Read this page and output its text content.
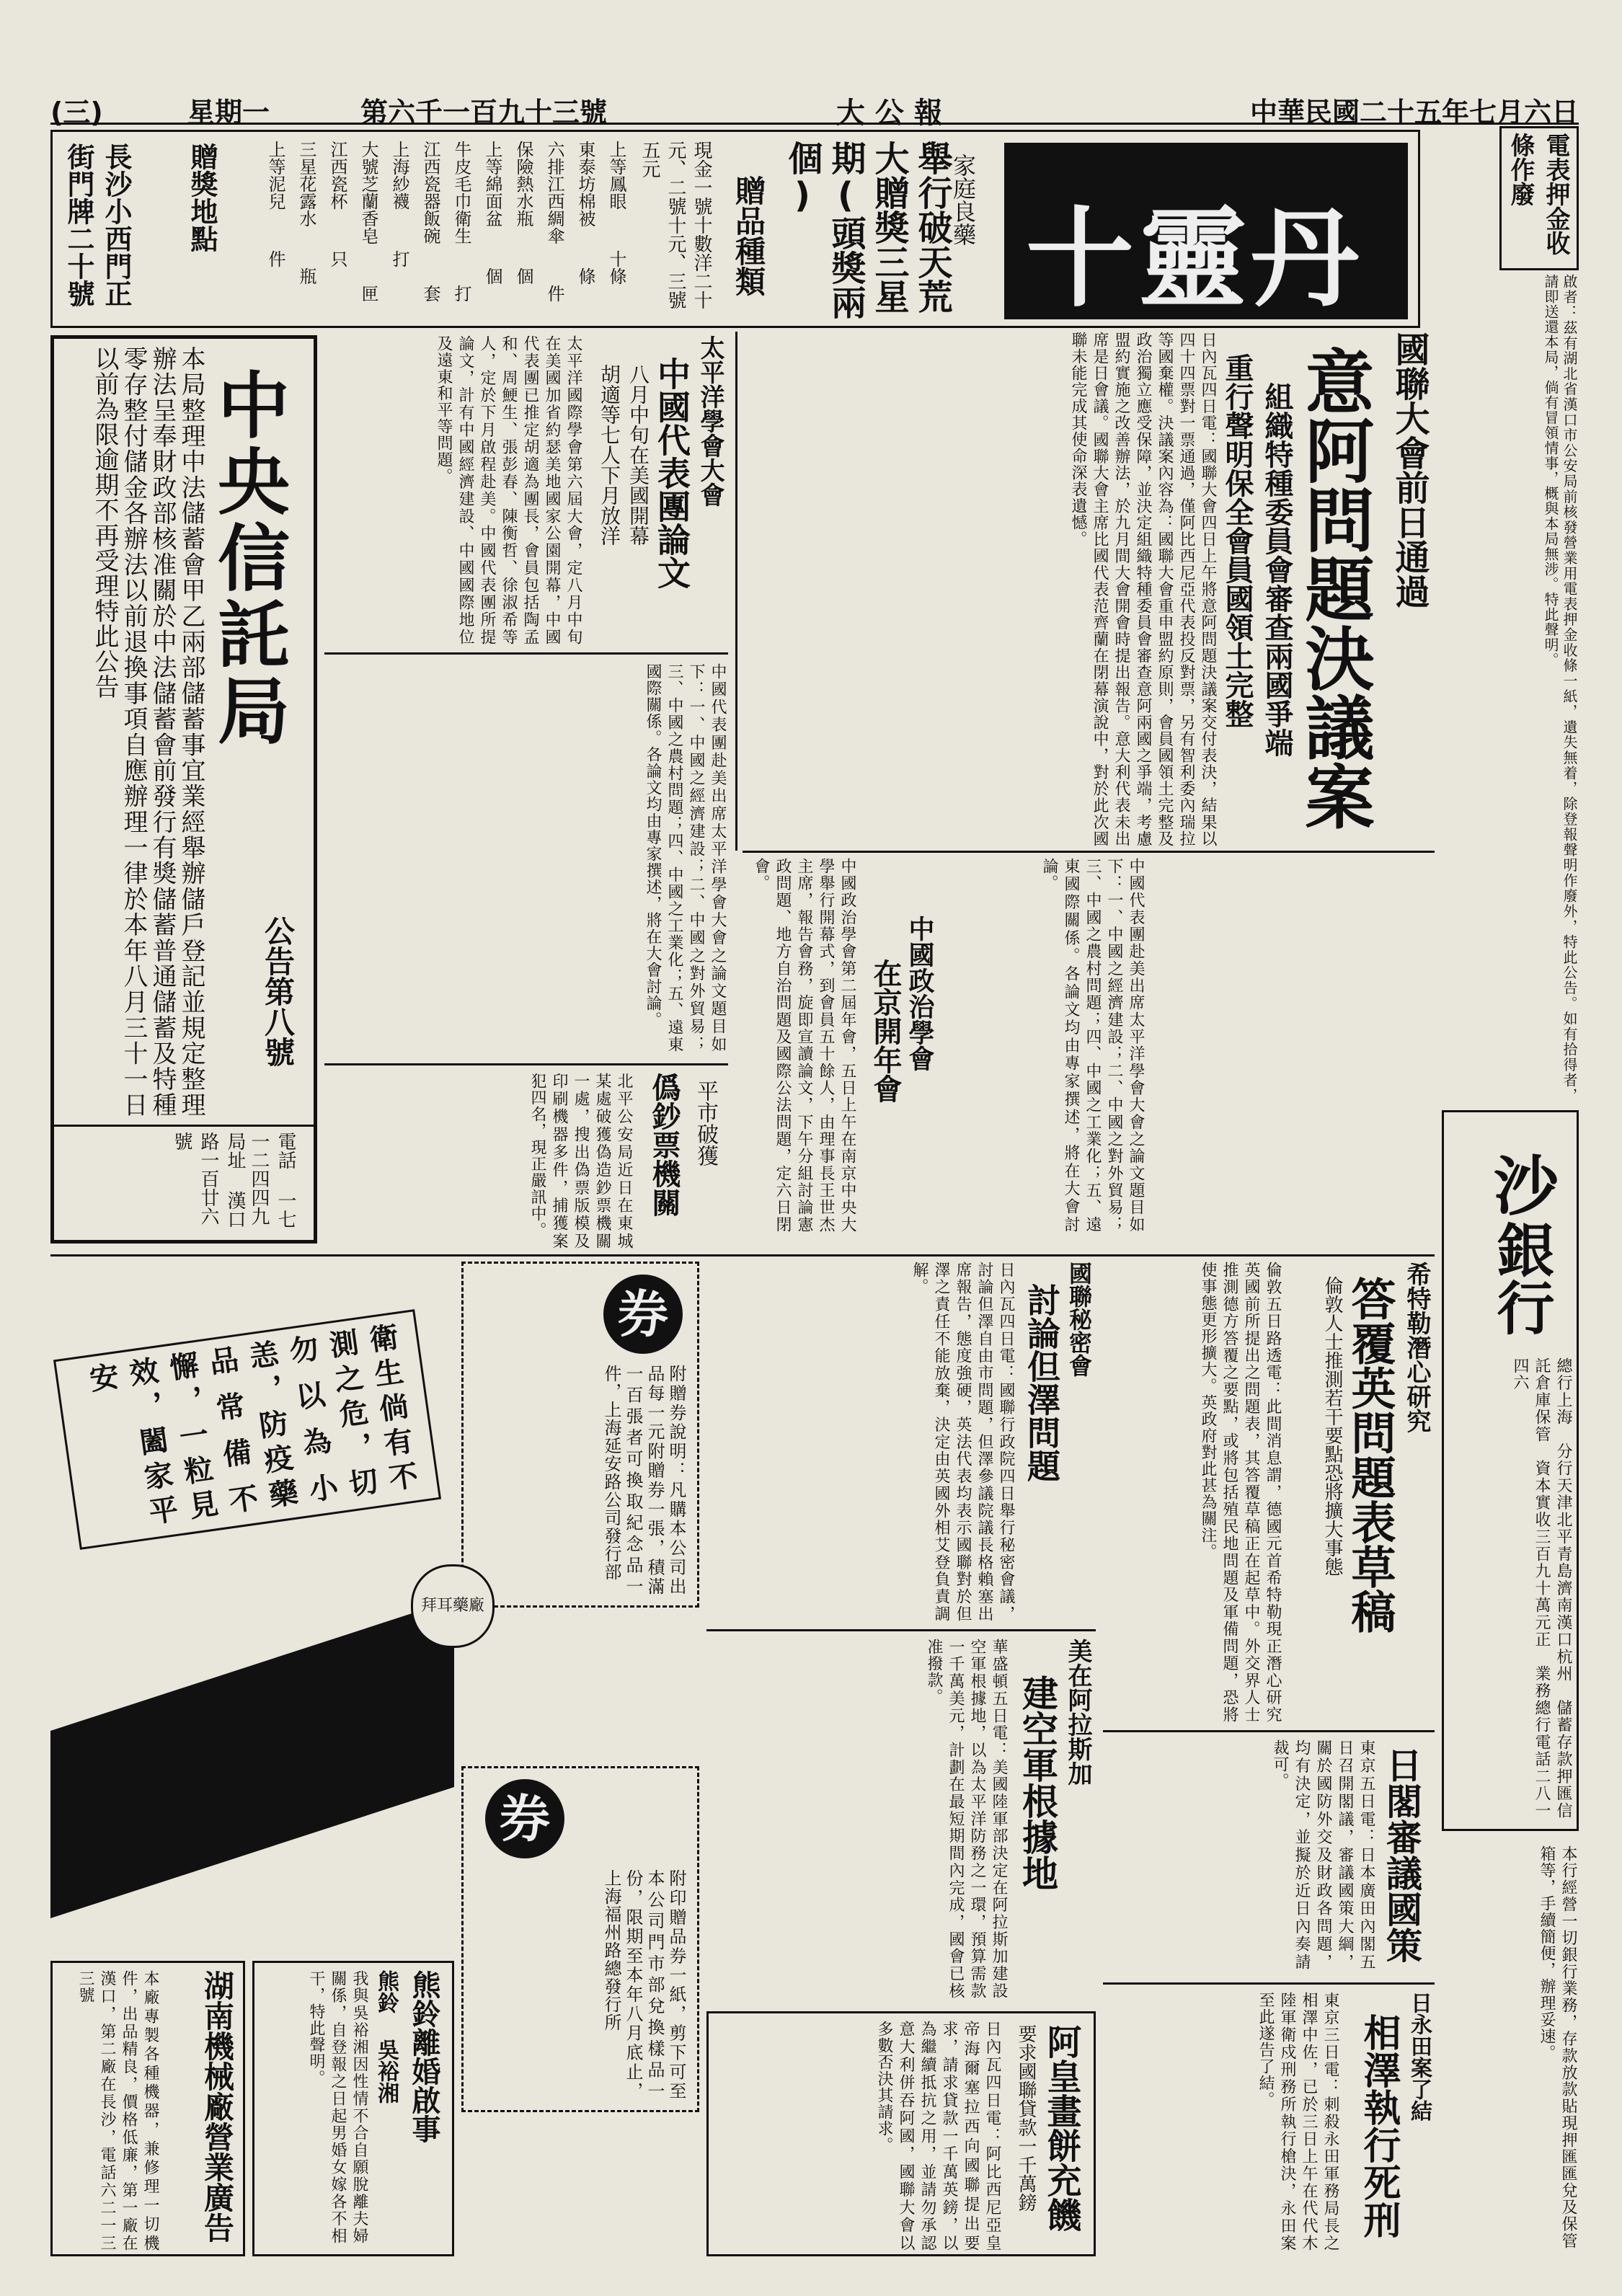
中華民國二十五年七月六日
大 公 報
第六千一百九十三號
星期一
(三)
電表押金收條作廢
啟者：茲有湖北省漢口市公安局前核發營業用電表押金收條一紙，遺失無着，除登報聲明作廢外，特此公告。如有拾得者，請即送還本局，倘有冒領情事，概與本局無涉。特此聲明。
沙
銀行
總行上海　分行天津北平青島濟南漢口杭州　儲蓄存款押匯信託倉庫保管　資本實收三百九十萬元正　業務總行電話二八一四六
本行經營一切銀行業務，存款放款貼現押匯匯兌及保管箱等，手續簡便，辦理妥速。
十靈丹
家庭良藥
舉行破天荒大贈獎三星期(頭獎兩個)
贈品種類
現金一號十數洋二十元、二號十元、三號五元
上等鳳眼  十條
東泰坊棉被  條
六排江西綢傘  件
保險熱水瓶  個
上等綿面盆  個
牛皮毛巾衛生  打
江西瓷器飯碗  套
上海紗襪  打
大號芝蘭香皂  匣
江西瓷杯  只
三星花露水  瓶
上等泥兒  件
贈獎地點
長沙小西門正街門牌二十號
國聯大會前日通過
意阿問題決議案
組織特種委員會審查兩國爭端
重行聲明保全會員國領土完整
日內瓦四日電：國聯大會四日上午將意阿問題決議案交付表決，結果以四十四票對一票通過，僅阿比西尼亞代表投反對票，另有智利委內瑞拉等國棄權。決議案內容為：國聯大會重申盟約原則，會員國領土完整及政治獨立應受保障，並決定組織特種委員會審查意阿兩國之爭端，考慮盟約實施之改善辦法，於九月間大會開會時提出報告。意大利代表未出席是日會議。國聯大會主席比國代表范齊蘭在閉幕演說中，對於此次國聯未能完成其使命深表遺憾。
中央信託局
公告第八號
本局整理中法儲蓄會甲乙兩部儲蓄事宜業經舉辦儲戶登記並規定整理辦法呈奉財政部核准關於中法儲蓄會前發行有獎儲蓄普通儲蓄及特種零存整付儲金各辦法以前退換事項自應辦理一律於本年八月三十一日以前為限逾期不再受理特此公告
局址 漢口路一百廿六號	電話 一七一二四四九
太平洋學會大會
中國代表團論文
八月中旬在美國開幕
胡適等七人下月放洋
太平洋國際學會第六屆大會，定八月中旬在美國加省約瑟美地國家公園開幕，中國代表團已推定胡適為團長，會員包括陶孟和、周鯁生、張彭春、陳衡哲、徐淑希等人，定於下月啟程赴美。中國代表團所提論文，計有中國經濟建設、中國國際地位及遠東和平等問題。
中國代表團赴美出席太平洋學會大會之論文題目如下：一、中國之經濟建設；二、中國之對外貿易；三、中國之農村問題；四、中國之工業化；五、遠東國際關係。各論文均由專家撰述，將在大會討論。
中國代表團赴美出席太平洋學會大會之論文題目如下：一、中國之經濟建設；二、中國之對外貿易；三、中國之農村問題；四、中國之工業化；五、遠東國際關係。各論文均由專家撰述，將在大會討論。
中國政治學會
在京開年會
中國政治學會第二屆年會，五日上午在南京中央大學舉行開幕式，到會員五十餘人，由理事長王世杰主席，報告會務，旋即宣讀論文，下午分組討論憲政問題、地方自治問題及國際公法問題，定六日閉會。
僞鈔票機關 平市破獲
北平公安局近日在東城某處破獲偽造鈔票機關一處，搜出偽票版模及印刷機器多件，捕獲案犯四名，現正嚴訊中。
希特勒潛心研究
答覆英問題表草稿
倫敦人士推測若干要點恐將擴大事態
倫敦五日路透電：此間消息謂，德國元首希特勒現正潛心研究英國前所提出之問題表，其答覆草稿正在起草中。外交界人士推測德方答覆之要點，或將包括殖民地問題及軍備問題，恐將使事態更形擴大。英政府對此甚為關注。
國聯秘密會
討論但澤問題
日內瓦四日電：國聯行政院四日舉行秘密會議，討論但澤自由市問題，但澤參議院議長格賴塞出席報告，態度強硬，英法代表均表示國聯對於但澤之責任不能放棄，決定由英國外相艾登負責調解。
美在阿拉斯加
建空軍根據地
華盛頓五日電：美國陸軍部決定在阿拉斯加建設空軍根據地，以為太平洋防務之一環，預算需款一千萬美元，計劃在最短期間內完成，國會已核准撥款。
日閣審議國策
東京五日電：日本廣田內閣五日召開閣議，審議國策大綱，關於國防外交及財政各問題，均有決定，並擬於近日內奏請裁可。
日永田案了結
相澤執行死刑
東京三日電：刺殺永田軍務局長之相澤中佐，已於三日上午在代代木陸軍衛戍刑務所執行槍決，永田案至此遂告了結。
阿皇畫餅充饑
要求國聯貸款一千萬鎊
日內瓦四日電：阿比西尼亞皇帝海爾塞拉西向國聯提出要求，請求貸款一千萬英鎊，以為繼續抵抗之用，並請勿承認意大利併吞阿國，國聯大會以多數否決其請求。
券
附贈券說明：凡購本公司出品每一元附贈券一張，積滿一百張者可換取紀念品一件，上海延安路公司發行部
券
附印贈品券一紙，剪下可至本公司門市部兌換樣品一份，限期至本年八月底止，上海福州路總發行所
衛生倘有不測之危，切勿以為小恙，防疫藥品常備不懈，一粒見效，闔家平安
靈特藥
拜耳藥廠
熊鈴離婚啟事
熊鈴 吳裕湘
我與吳裕湘因性情不合自願脫離夫婦關係，自登報之日起男婚女嫁各不相干，特此聲明。
湖南機械廠營業廣告
本廠專製各種機器，兼修理一切機件，出品精良，價格低廉，第一廠在漢口，第二廠在長沙，電話六二一三三號
